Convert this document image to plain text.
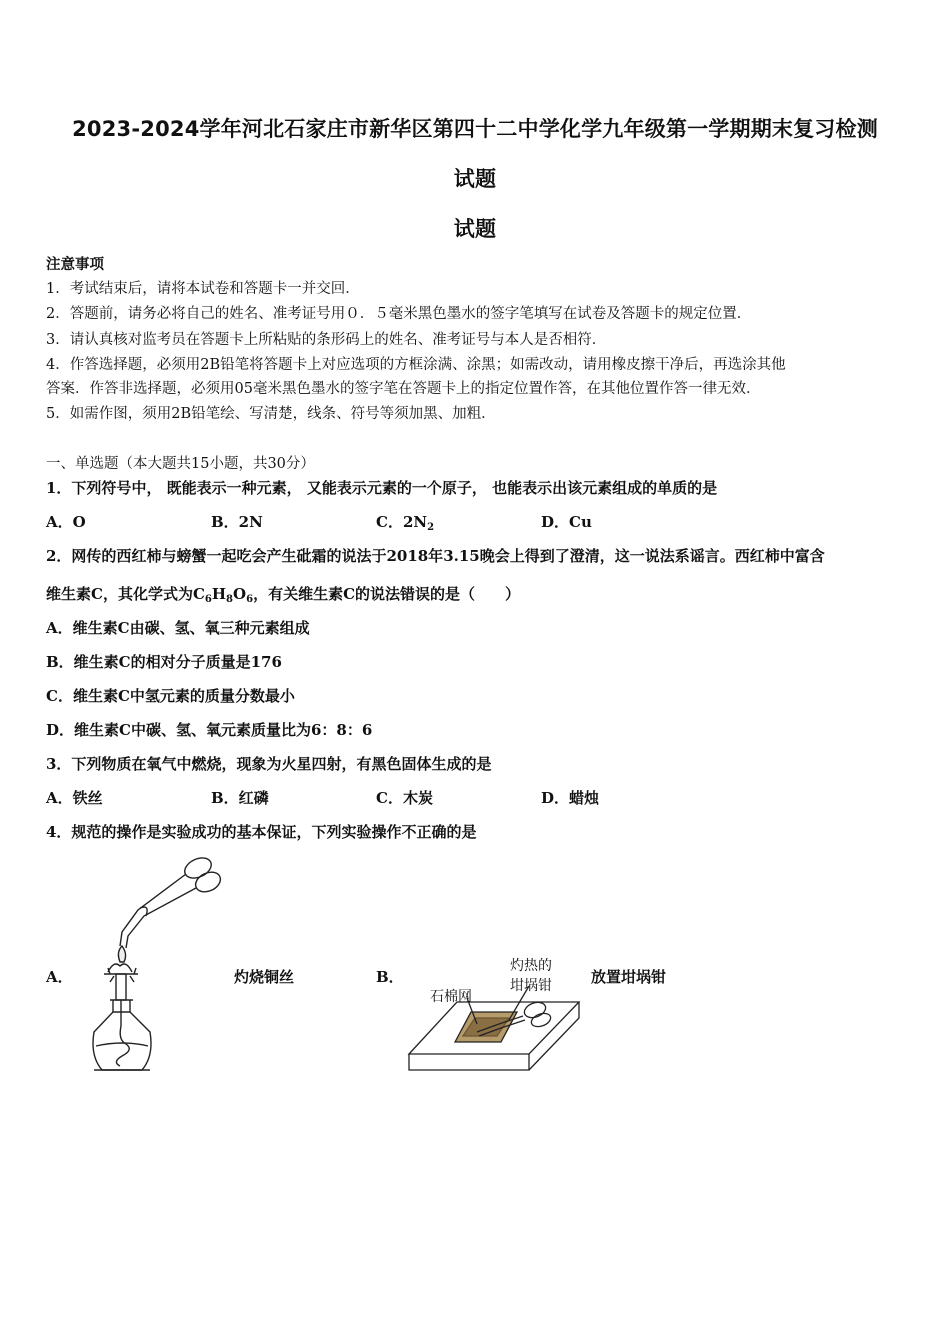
2023-2024学年河北石家庄市新华区第四十二中学化学九年级第一学期期末复习检测
试题
试题
注意事项
1．考试结束后，请将本试卷和答题卡一并交回．
2．答题前，请务必将自己的姓名、准考证号用０．５毫米黑色墨水的签字笔填写在试卷及答题卡的规定位置．
3．请认真核对监考员在答题卡上所粘贴的条形码上的姓名、准考证号与本人是否相符．
4．作答选择题，必须用2B铅笔将答题卡上对应选项的方框涂满、涂黑；如需改动，请用橡皮擦干净后，再选涂其他
答案．作答非选择题，必须用05毫米黑色墨水的签字笔在答题卡上的指定位置作答，在其他位置作答一律无效．
5．如需作图，须用2B铅笔绘、写清楚，线条、符号等须加黑、加粗．
一、单选题（本大题共15小题，共30分）
1．下列符号中， 既能表示一种元素， 又能表示元素的一个原子， 也能表示出该元素组成的单质的是
A．O	B．2N	C．$2N_2$	D．Cu
2．网传的西红柿与螃蟹一起吃会产生砒霜的说法于2018年3.15晚会上得到了澄清，这一说法系谣言。西红柿中富含
维生素C，其化学式为$C_6H_8O_6$，有关维生素C的说法错误的是（　　）
A．维生素C由碳、氢、氧三种元素组成
B．维生素C的相对分子质量是176
C．维生素C中氢元素的质量分数最小
D．维生素C中碳、氢、氧元素质量比为6：8：6
3．下列物质在氧气中燃烧，现象为火星四射，有黑色固体生成的是
A．铁丝	B．红磷	C．木炭	D．蜡烛
4．规范的操作是实验成功的基本保证，下列实验操作不正确的是
A．	灼烧铜丝	B．	放置坩埚钳
石棉网
灼热的
坩埚钳
